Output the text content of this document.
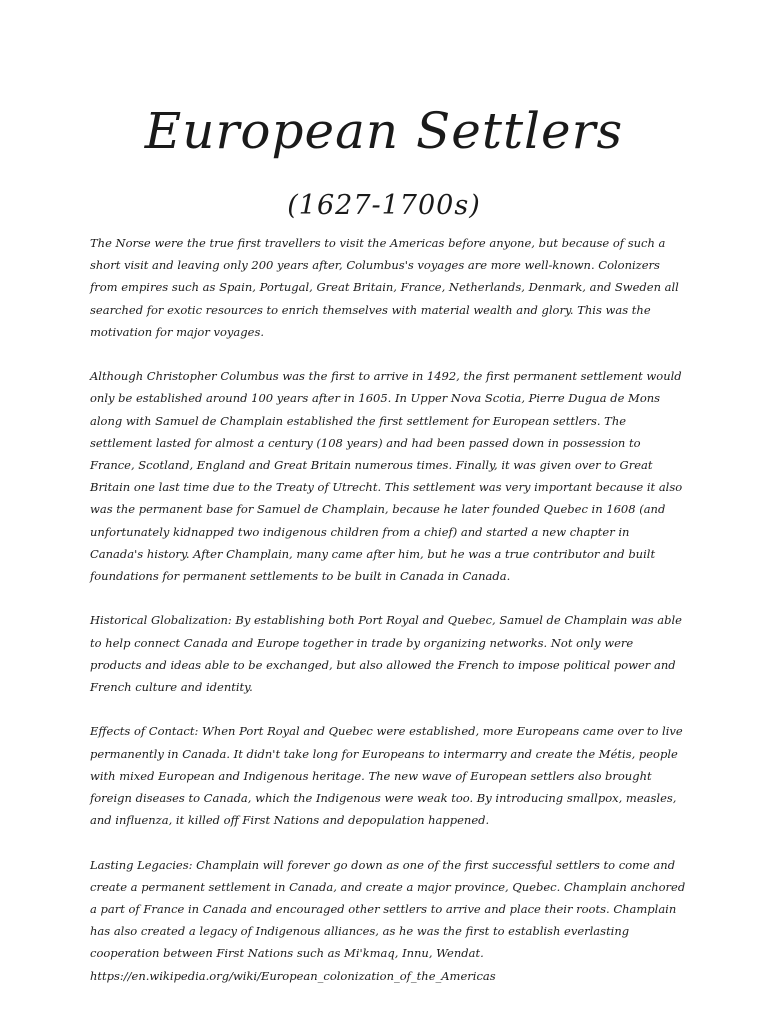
European Settlers
(1627-1700s)

The Norse were the true first travellers to visit the Americas before anyone, but because of such a short visit and leaving only 200 years after, Columbus's voyages are more well-known. Colonizers from empires such as Spain, Portugal, Great Britain, France, Netherlands, Denmark, and Sweden all searched for exotic resources to enrich themselves with material wealth and glory. This was the motivation for major voyages.

Although Christopher Columbus was the first to arrive in 1492, the first permanent settlement would only be established around 100 years after in 1605. In Upper Nova Scotia, Pierre Dugua de Mons along with Samuel de Champlain established the first settlement for European settlers. The settlement lasted for almost a century (108 years) and had been passed down in possession to France, Scotland, England and Great Britain numerous times. Finally, it was given over to Great Britain one last time due to the Treaty of Utrecht. This settlement was very important because it also was the permanent base for Samuel de Champlain, because he later founded Quebec in 1608 (and unfortunately kidnapped two indigenous children from a chief) and started a new chapter in Canada's history. After Champlain, many came after him, but he was a true contributor and built foundations for permanent settlements to be built in Canada in Canada.

Historical Globalization: By establishing both Port Royal and Quebec, Samuel de Champlain was able to help connect Canada and Europe together in trade by organizing networks. Not only were products and ideas able to be exchanged, but also allowed the French to impose political power and French culture and identity.

Effects of Contact: When Port Royal and Quebec were established, more Europeans came over to live permanently in Canada. It didn't take long for Europeans to intermarry and create the Métis, people with mixed European and Indigenous heritage. The new wave of European settlers also brought foreign diseases to Canada, which the Indigenous were weak too. By introducing smallpox, measles, and influenza, it killed off First Nations and depopulation happened.

Lasting Legacies: Champlain will forever go down as one of the first successful settlers to come and create a permanent settlement in Canada, and create a major province, Quebec. Champlain anchored a part of France in Canada and encouraged other settlers to arrive and place their roots. Champlain has also created a legacy of Indigenous alliances, as he was the first to establish everlasting cooperation between First Nations such as Mi'kmaq, Innu, Wendat.

https://en.wikipedia.org/wiki/European_colonization_of_the_Americas
